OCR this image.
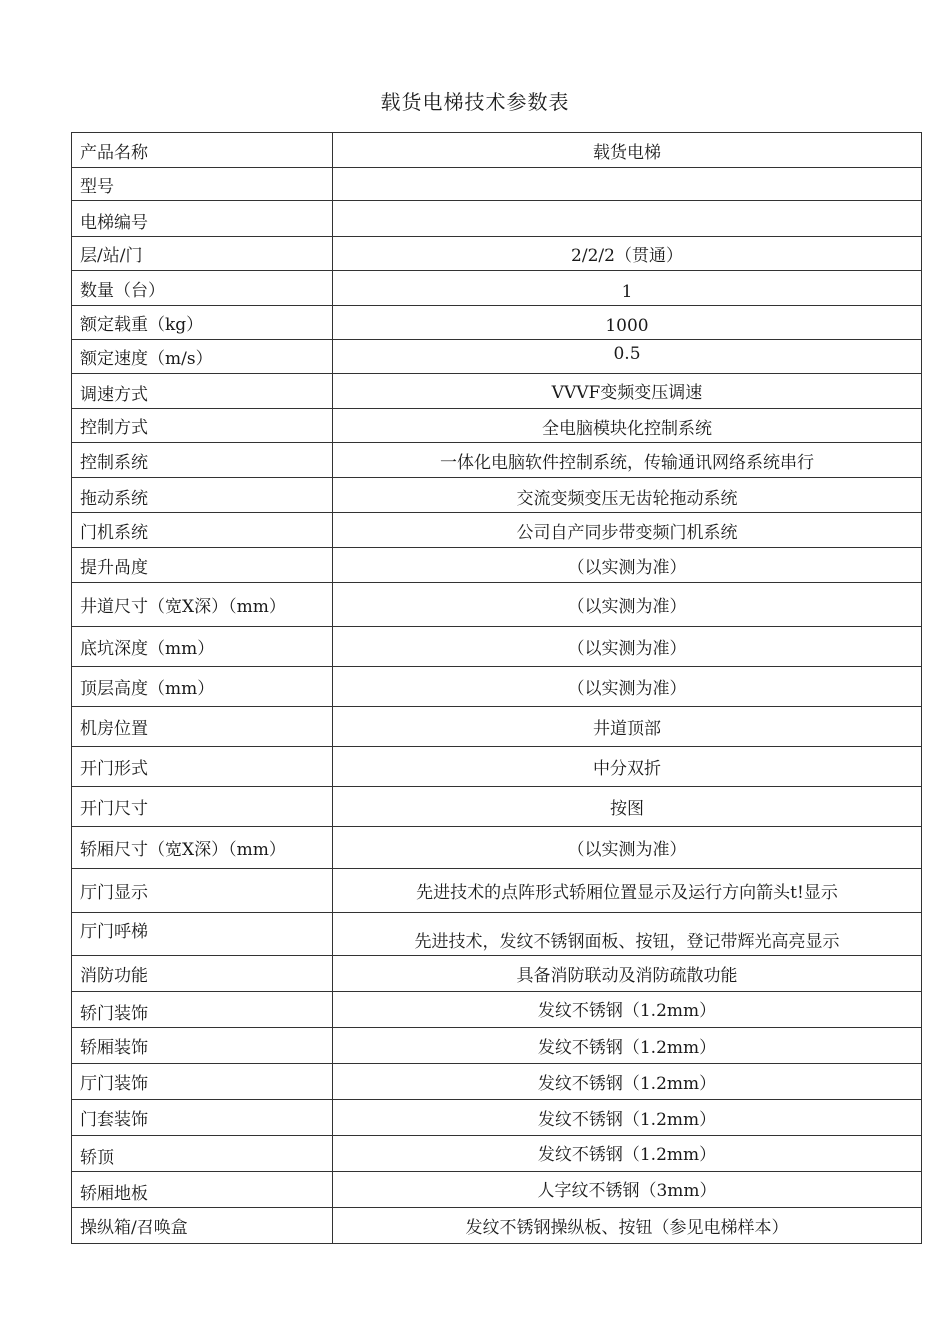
载货电梯技术参数表
产品名称	载货电梯
型号	
电梯编号	
层/站/门	2/2/2（贯通）
数量（台）	1
额定载重（kg）	1000
额定速度（m/s）	0.5
调速方式	VVVF变频变压调速
控制方式	全电脑模块化控制系统
控制系统	一体化电脑软件控制系统，传输通讯网络系统串行
拖动系统	交流变频变压无齿轮拖动系统
门机系统	公司自产同步带变频门机系统
提升咼度	（以实测为准）
井道尺寸（宽X深）（mm）	（以实测为准）
底坑深度（mm）	（以实测为准）
顶层高度（mm）	（以实测为准）
机房位置	井道顶部
开门形式	中分双折
开门尺寸	按图
轿厢尺寸（宽X深）（mm）	（以实测为准）
厅门显示	先进技术的点阵形式轿厢位置显示及运行方向箭头t!显示
厅门呼梯	先进技术，发纹不锈钢面板、按钮，登记带辉光高亮显示
消防功能	具备消防联动及消防疏散功能
轿门装饰	发纹不锈钢（1.2mm）
轿厢装饰	发纹不锈钢（1.2mm）
厅门装饰	发纹不锈钢（1.2mm）
门套装饰	发纹不锈钢（1.2mm）
轿顶	发纹不锈钢（1.2mm）
轿厢地板	人字纹不锈钢（3mm）
操纵箱/召唤盒	发纹不锈钢操纵板、按钮（参见电梯样本）
